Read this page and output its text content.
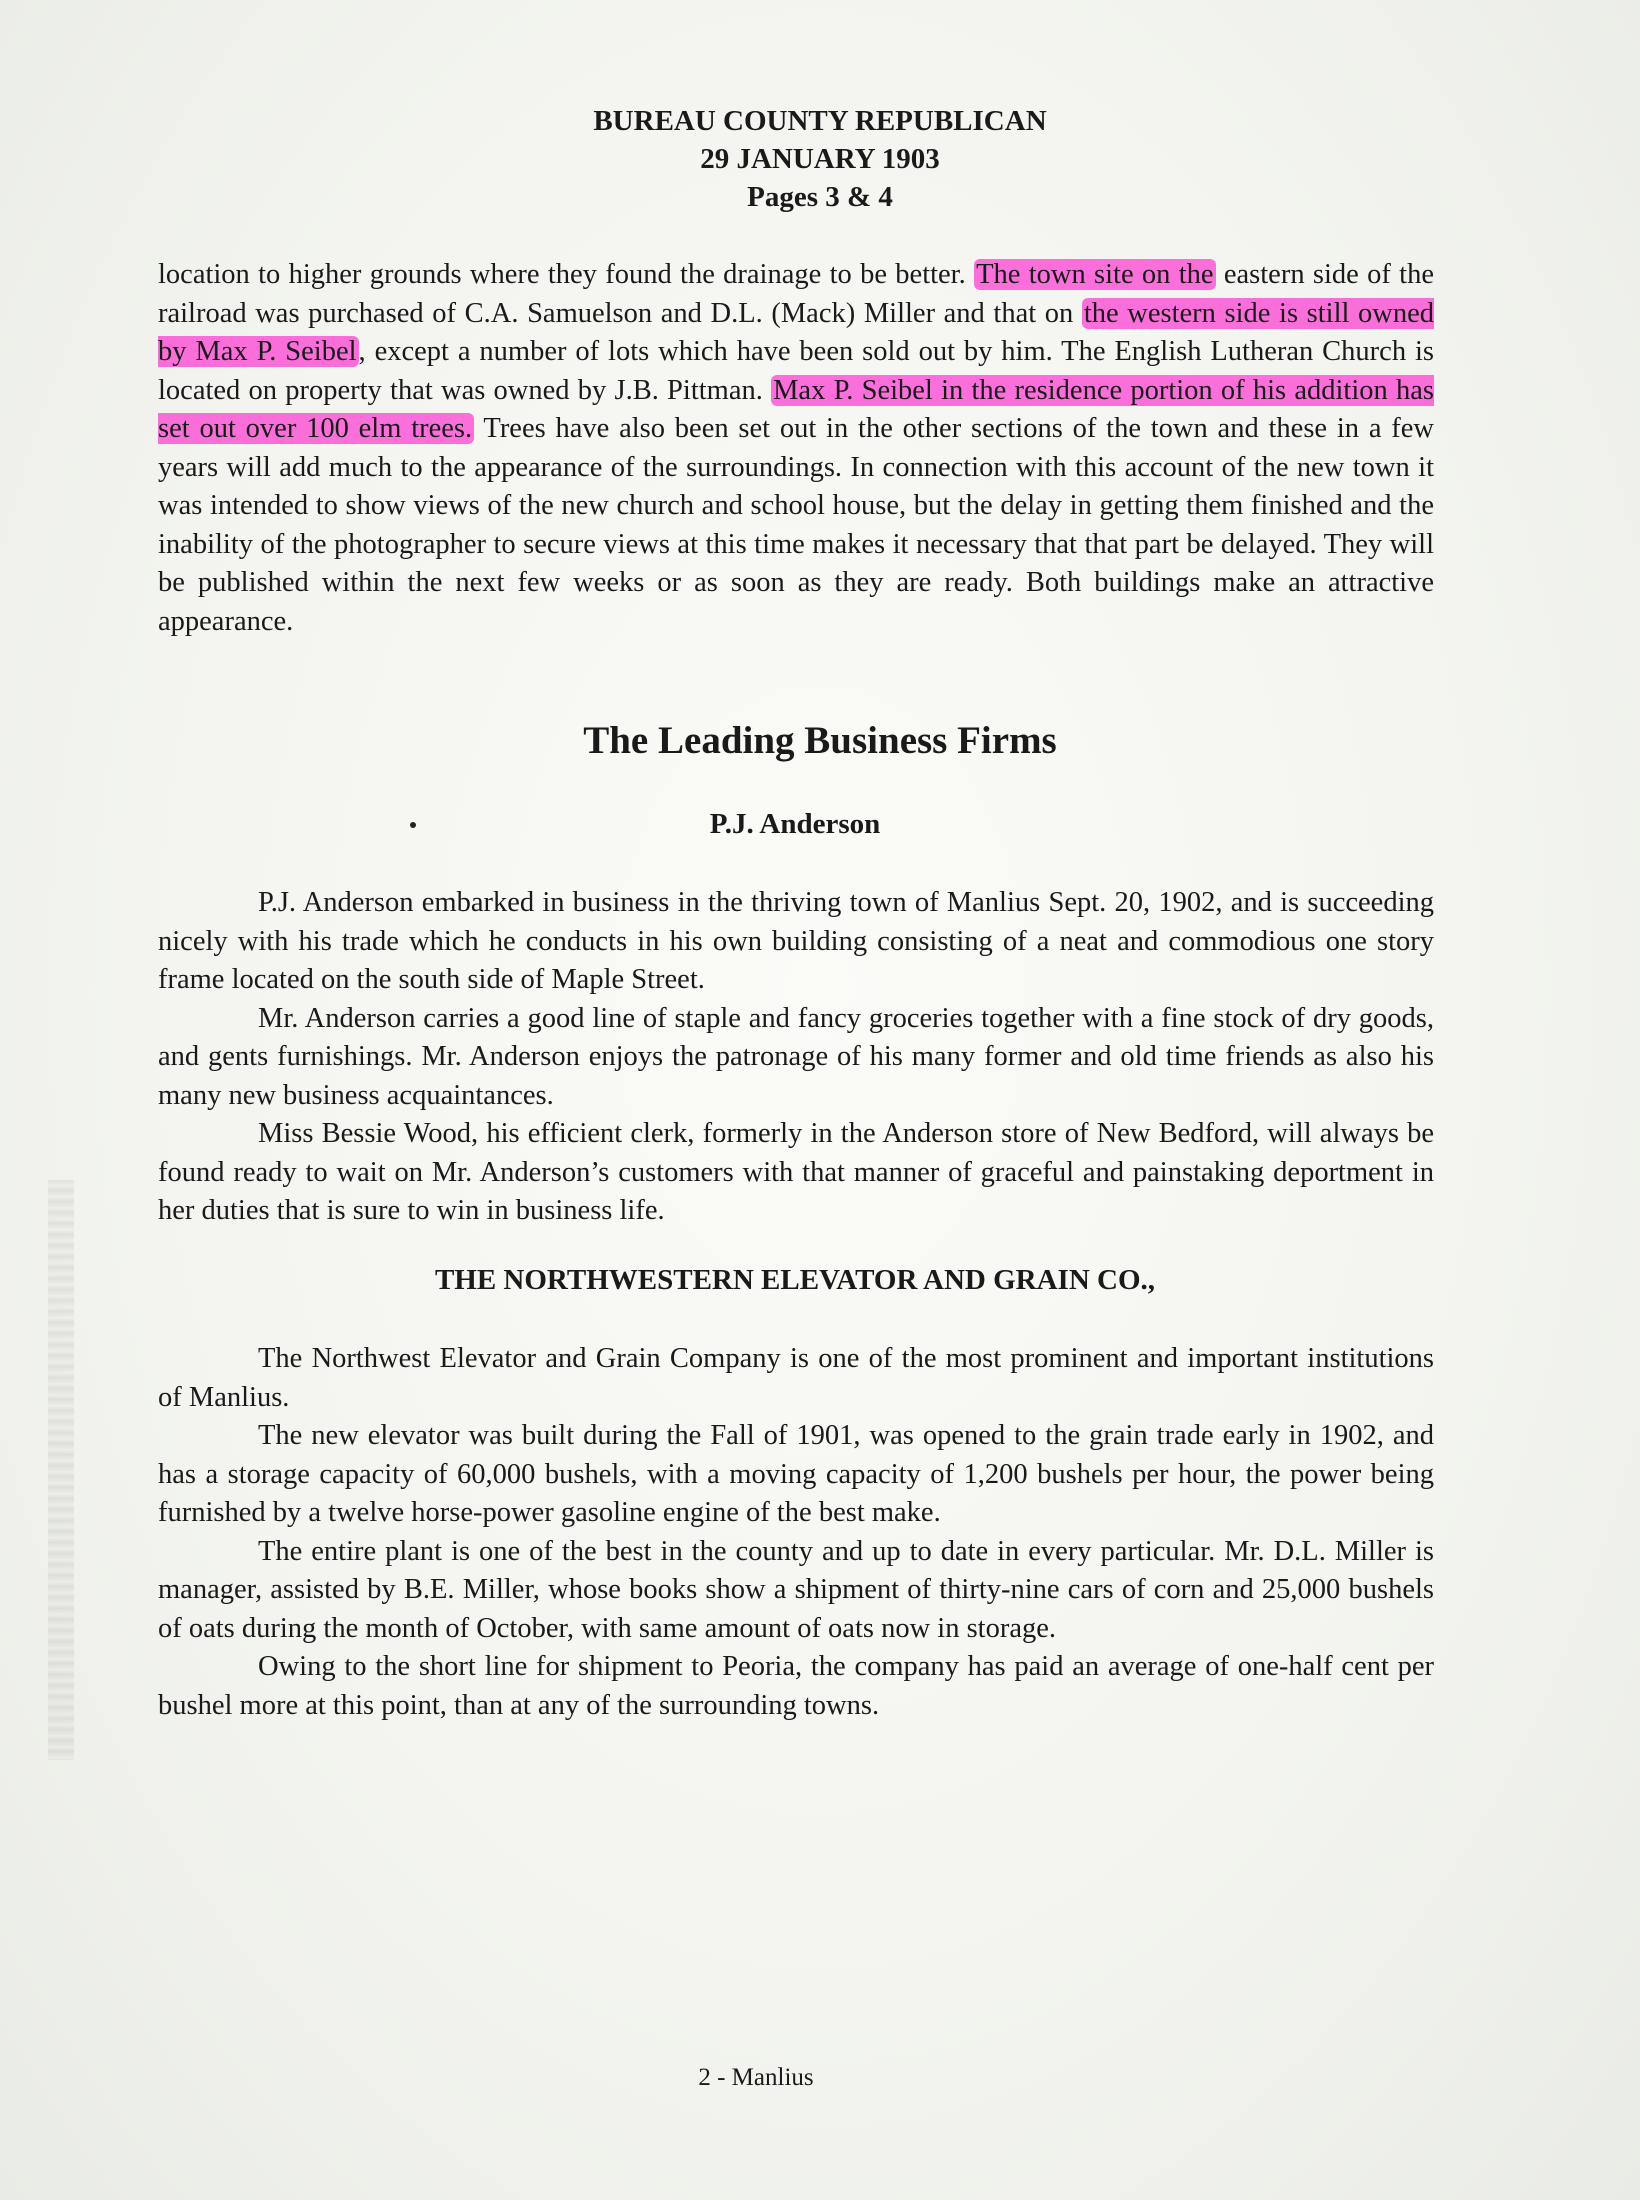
BUREAU COUNTY REPUBLICAN
29 JANUARY 1903
Pages 3 & 4
location to higher grounds where they found the drainage to be better. The town site on the eastern side of the railroad was purchased of C.A. Samuelson and D.L. (Mack) Miller and that on the western side is still owned by Max P. Seibel, except a number of lots which have been sold out by him. The English Lutheran Church is located on property that was owned by J.B. Pittman. Max P. Seibel in the residence portion of his addition has set out over 100 elm trees. Trees have also been set out in the other sections of the town and these in a few years will add much to the appearance of the surroundings. In connection with this account of the new town it was intended to show views of the new church and school house, but the delay in getting them finished and the inability of the photographer to secure views at this time makes it necessary that that part be delayed. They will be published within the next few weeks or as soon as they are ready. Both buildings make an attractive appearance.
The Leading Business Firms
P.J. Anderson

P.J. Anderson embarked in business in the thriving town of Manlius Sept. 20, 1902, and is succeeding nicely with his trade which he conducts in his own building consisting of a neat and commodious one story frame located on the south side of Maple Street.

Mr. Anderson carries a good line of staple and fancy groceries together with a fine stock of dry goods, and gents furnishings. Mr. Anderson enjoys the patronage of his many former and old time friends as also his many new business acquaintances.

Miss Bessie Wood, his efficient clerk, formerly in the Anderson store of New Bedford, will always be found ready to wait on Mr. Anderson’s customers with that manner of graceful and painstaking deportment in her duties that is sure to win in business life.

THE NORTHWESTERN ELEVATOR AND GRAIN CO.,

The Northwest Elevator and Grain Company is one of the most prominent and important institutions of Manlius.

The new elevator was built during the Fall of 1901, was opened to the grain trade early in 1902, and has a storage capacity of 60,000 bushels, with a moving capacity of 1,200 bushels per hour, the power being furnished by a twelve horse-power gasoline engine of the best make.

The entire plant is one of the best in the county and up to date in every particular. Mr. D.L. Miller is manager, assisted by B.E. Miller, whose books show a shipment of thirty-nine cars of corn and 25,000 bushels of oats during the month of October, with same amount of oats now in storage.

Owing to the short line for shipment to Peoria, the company has paid an average of one-half cent per bushel more at this point, than at any of the surrounding towns.

2 - Manlius
